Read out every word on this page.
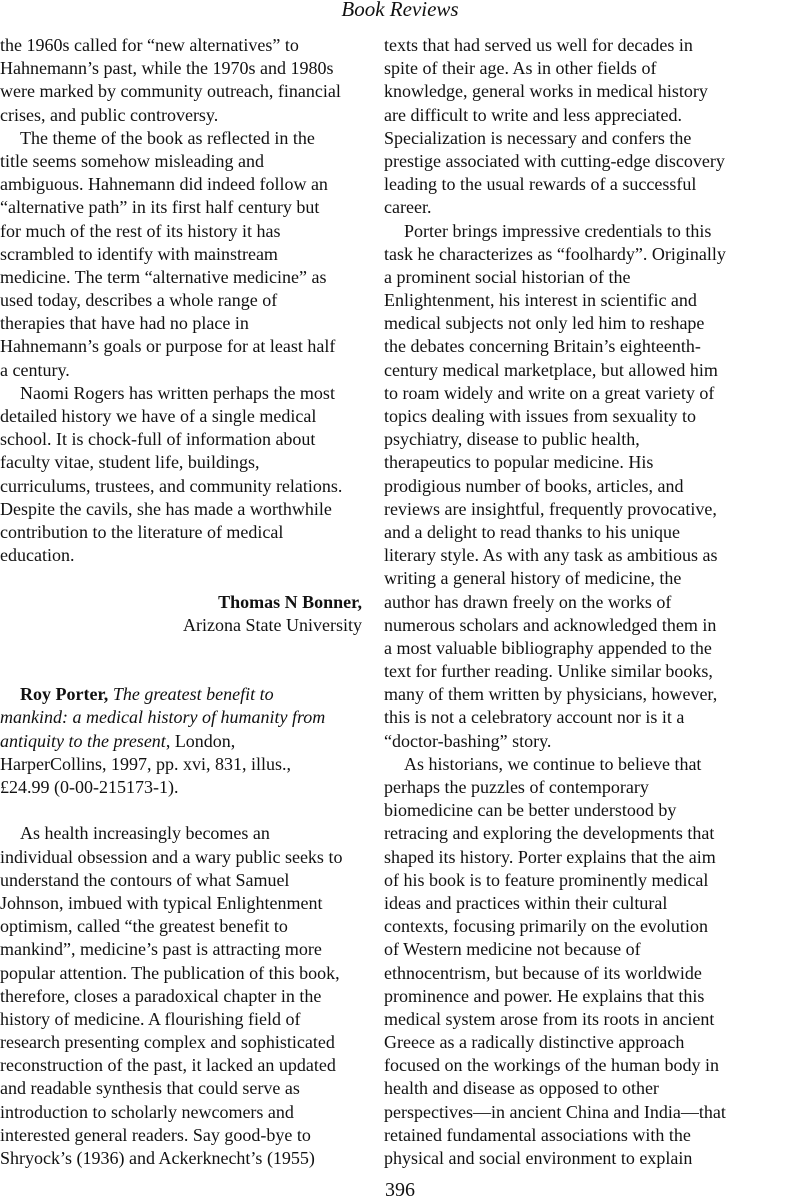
Book Reviews
the 1960s called for “new alternatives” to
Hahnemann’s past, while the 1970s and 1980s
were marked by community outreach, financial
crises, and public controversy.
The theme of the book as reflected in the
title seems somehow misleading and
ambiguous. Hahnemann did indeed follow an
“alternative path” in its first half century but
for much of the rest of its history it has
scrambled to identify with mainstream
medicine. The term “alternative medicine” as
used today, describes a whole range of
therapies that have had no place in
Hahnemann’s goals or purpose for at least half
a century.
Naomi Rogers has written perhaps the most
detailed history we have of a single medical
school. It is chock-full of information about
faculty vitae, student life, buildings,
curriculums, trustees, and community relations.
Despite the cavils, she has made a worthwhile
contribution to the literature of medical
education.
Thomas N Bonner,
Arizona State University
Roy Porter, The greatest benefit to
mankind: a medical history of humanity from
antiquity to the present, London,
HarperCollins, 1997, pp. xvi, 831, illus.,
£24.99 (0-00-215173-1).
As health increasingly becomes an
individual obsession and a wary public seeks to
understand the contours of what Samuel
Johnson, imbued with typical Enlightenment
optimism, called “the greatest benefit to
mankind”, medicine’s past is attracting more
popular attention. The publication of this book,
therefore, closes a paradoxical chapter in the
history of medicine. A flourishing field of
research presenting complex and sophisticated
reconstruction of the past, it lacked an updated
and readable synthesis that could serve as
introduction to scholarly newcomers and
interested general readers. Say good-bye to
Shryock’s (1936) and Ackerknecht’s (1955)
texts that had served us well for decades in
spite of their age. As in other fields of
knowledge, general works in medical history
are difficult to write and less appreciated.
Specialization is necessary and confers the
prestige associated with cutting-edge discovery
leading to the usual rewards of a successful
career.
Porter brings impressive credentials to this
task he characterizes as “foolhardy”. Originally
a prominent social historian of the
Enlightenment, his interest in scientific and
medical subjects not only led him to reshape
the debates concerning Britain’s eighteenth-
century medical marketplace, but allowed him
to roam widely and write on a great variety of
topics dealing with issues from sexuality to
psychiatry, disease to public health,
therapeutics to popular medicine. His
prodigious number of books, articles, and
reviews are insightful, frequently provocative,
and a delight to read thanks to his unique
literary style. As with any task as ambitious as
writing a general history of medicine, the
author has drawn freely on the works of
numerous scholars and acknowledged them in
a most valuable bibliography appended to the
text for further reading. Unlike similar books,
many of them written by physicians, however,
this is not a celebratory account nor is it a
“doctor-bashing” story.
As historians, we continue to believe that
perhaps the puzzles of contemporary
biomedicine can be better understood by
retracing and exploring the developments that
shaped its history. Porter explains that the aim
of his book is to feature prominently medical
ideas and practices within their cultural
contexts, focusing primarily on the evolution
of Western medicine not because of
ethnocentrism, but because of its worldwide
prominence and power. He explains that this
medical system arose from its roots in ancient
Greece as a radically distinctive approach
focused on the workings of the human body in
health and disease as opposed to other
perspectives—in ancient China and India—that
retained fundamental associations with the
physical and social environment to explain
396
